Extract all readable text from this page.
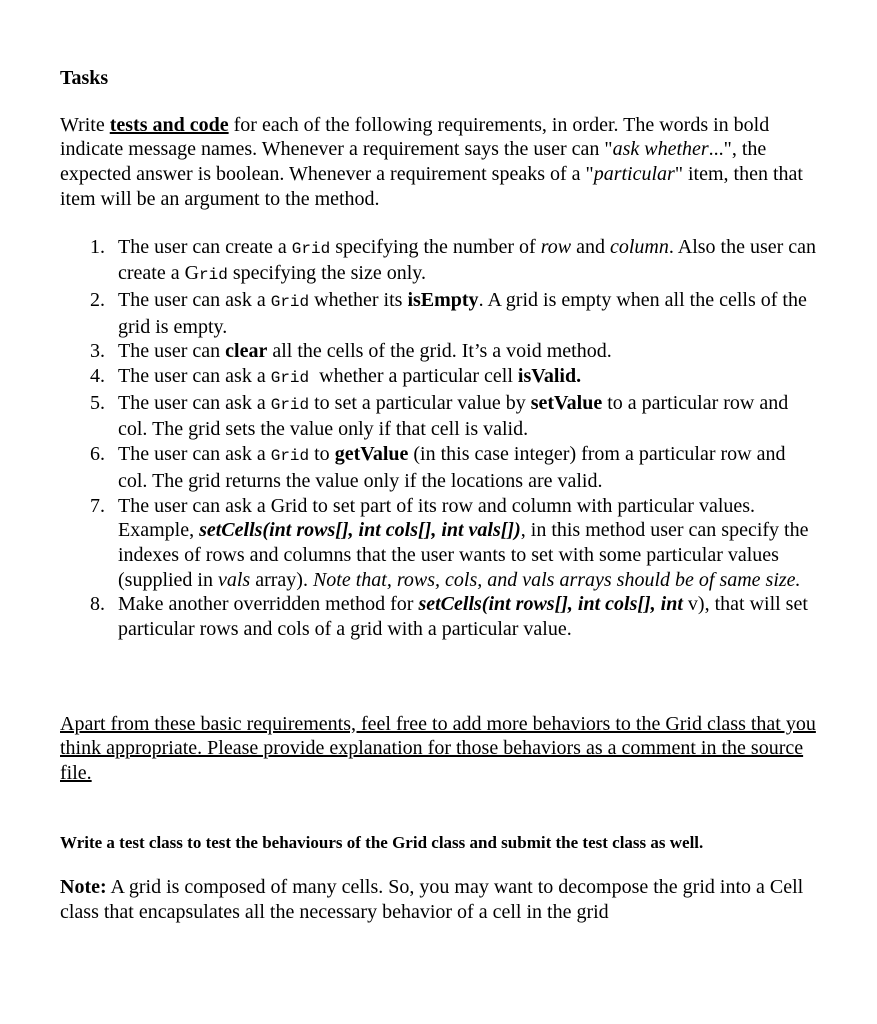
Tasks

Write tests and code for each of the following requirements, in order. The words in bold indicate message names. Whenever a requirement says the user can "ask whether...", the expected answer is boolean. Whenever a requirement speaks of a "particular" item, then that item will be an argument to the method.

1. The user can create a Grid specifying the number of row and column. Also the user can create a Grid specifying the size only.
2. The user can ask a Grid whether its isEmpty. A grid is empty when all the cells of the grid is empty.
3. The user can clear all the cells of the grid. It’s a void method.
4. The user can ask a Grid  whether a particular cell isValid.
5. The user can ask a Grid to set a particular value by setValue to a particular row and col. The grid sets the value only if that cell is valid.
6. The user can ask a Grid to getValue (in this case integer) from a particular row and col. The grid returns the value only if the locations are valid.
7. The user can ask a Grid to set part of its row and column with particular values. Example, setCells(int rows[], int cols[], int vals[]), in this method user can specify the indexes of rows and columns that the user wants to set with some particular values (supplied in vals array). Note that, rows, cols, and vals arrays should be of same size.
8. Make another overridden method for setCells(int rows[], int cols[], int v), that will set particular rows and cols of a grid with a particular value.

Apart from these basic requirements, feel free to add more behaviors to the Grid class that you think appropriate. Please provide explanation for those behaviors as a comment in the source file.

Write a test class to test the behaviours of the Grid class and submit the test class as well.

Note: A grid is composed of many cells. So, you may want to decompose the grid into a Cell class that encapsulates all the necessary behavior of a cell in the grid
